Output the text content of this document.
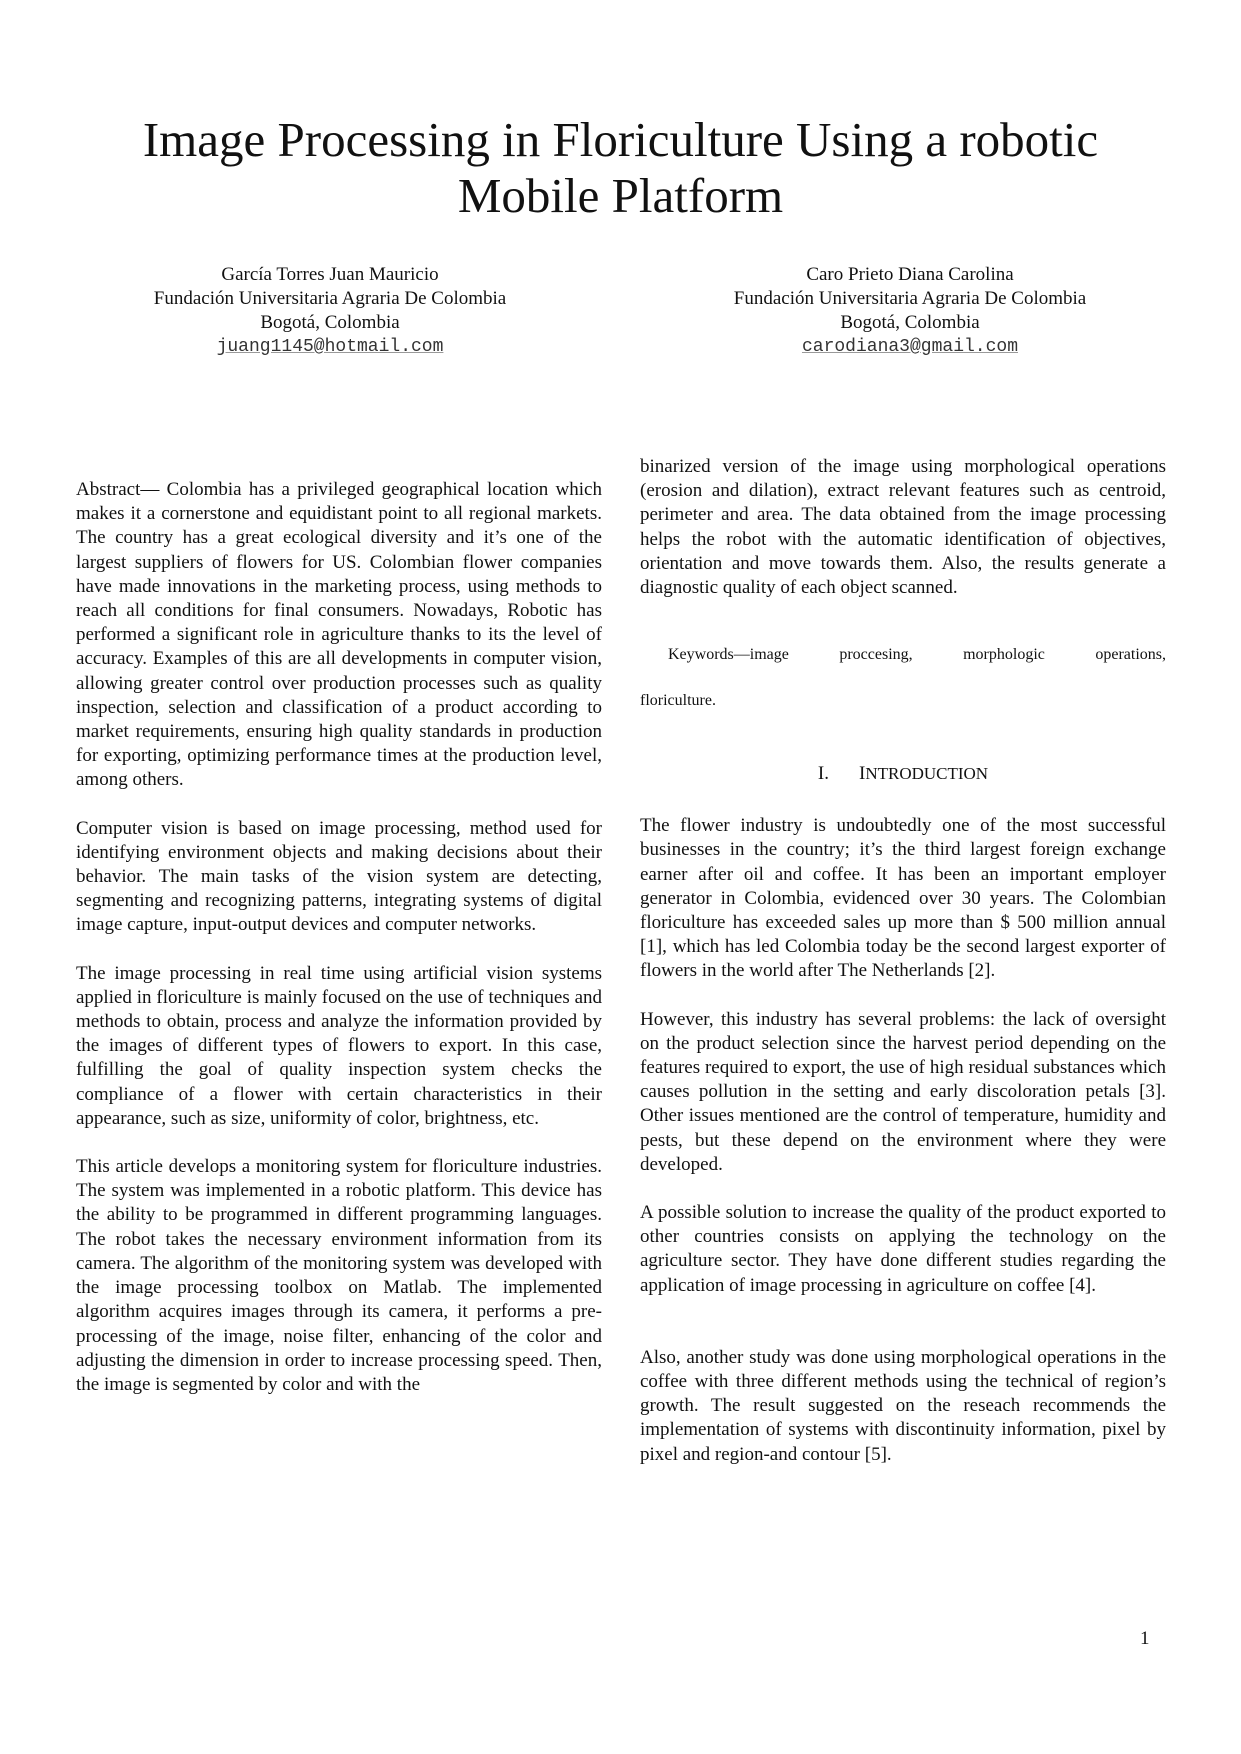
Image Processing in Floriculture Using a robotic
Mobile Platform
García Torres Juan Mauricio
Fundación Universitaria Agraria De Colombia
Bogotá, Colombia
juang1145@hotmail.com
Caro Prieto Diana Carolina
Fundación Universitaria Agraria De Colombia
Bogotá, Colombia
carodiana3@gmail.com

Abstract— Colombia has a privileged geographical location which makes it a cornerstone and equidistant point to all regional markets. The country has a great ecological diversity and it’s one of the largest suppliers of flowers for US. Colombian flower companies have made innovations in the marketing process, using methods to reach all conditions for final consumers. Nowadays, Robotic has performed a significant role in agriculture thanks to its the level of accuracy. Examples of this are all developments in computer vision, allowing greater control over production processes such as quality inspection, selection and classification of a product according to market requirements, ensuring high quality standards in production for exporting, optimizing performance times at the production level, among others.

Computer vision is based on image processing, method used for identifying environment objects and making decisions about their behavior. The main tasks of the vision system are detecting, segmenting and recognizing patterns, integrating systems of digital image capture, input-output devices and computer networks.

The image processing in real time using artificial vision systems applied in floriculture is mainly focused on the use of techniques and methods to obtain, process and analyze the information provided by the images of different types of flowers to export. In this case, fulfilling the goal of quality inspection system checks the compliance of a flower with certain characteristics in their appearance, such as size, uniformity of color, brightness, etc.

This article develops a monitoring system for floriculture industries. The system was implemented in a robotic platform. This device has the ability to be programmed in different programming languages. The robot takes the necessary environment information from its camera. The algorithm of the monitoring system was developed with the image processing toolbox on Matlab. The implemented algorithm acquires images through its camera, it performs a pre-processing of the image, noise filter, enhancing of the color and adjusting the dimension in order to increase processing speed. Then, the image is segmented by color and with the

binarized version of the image using morphological operations (erosion and dilation), extract relevant features such as centroid, perimeter and area. The data obtained from the image processing helps the robot with the automatic identification of objectives, orientation and move towards them. Also, the results generate a diagnostic quality of each object scanned.

Keywords—image proccesing, morphologic operations,

floriculture.

I. INTRODUCTION

The flower industry is undoubtedly one of the most successful businesses in the country; it’s the third largest foreign exchange earner after oil and coffee. It has been an important employer generator in Colombia, evidenced over 30 years. The Colombian floriculture has exceeded sales up more than $ 500 million annual [1], which has led Colombia today be the second largest exporter of flowers in the world after The Netherlands [2].

However, this industry has several problems: the lack of oversight on the product selection since the harvest period depending on the features required to export, the use of high residual substances which causes pollution in the setting and early discoloration petals [3]. Other issues mentioned are the control of temperature, humidity and pests, but these depend on the environment where they were developed.

A possible solution to increase the quality of the product exported to other countries consists on applying the technology on the agriculture sector. They have done different studies regarding the application of image processing in agriculture on coffee [4].

Also, another study was done using morphological operations in the coffee with three different methods using the technical of region’s growth. The result suggested on the reseach recommends the implementation of systems with discontinuity information, pixel by pixel and region-and contour [5].

1
